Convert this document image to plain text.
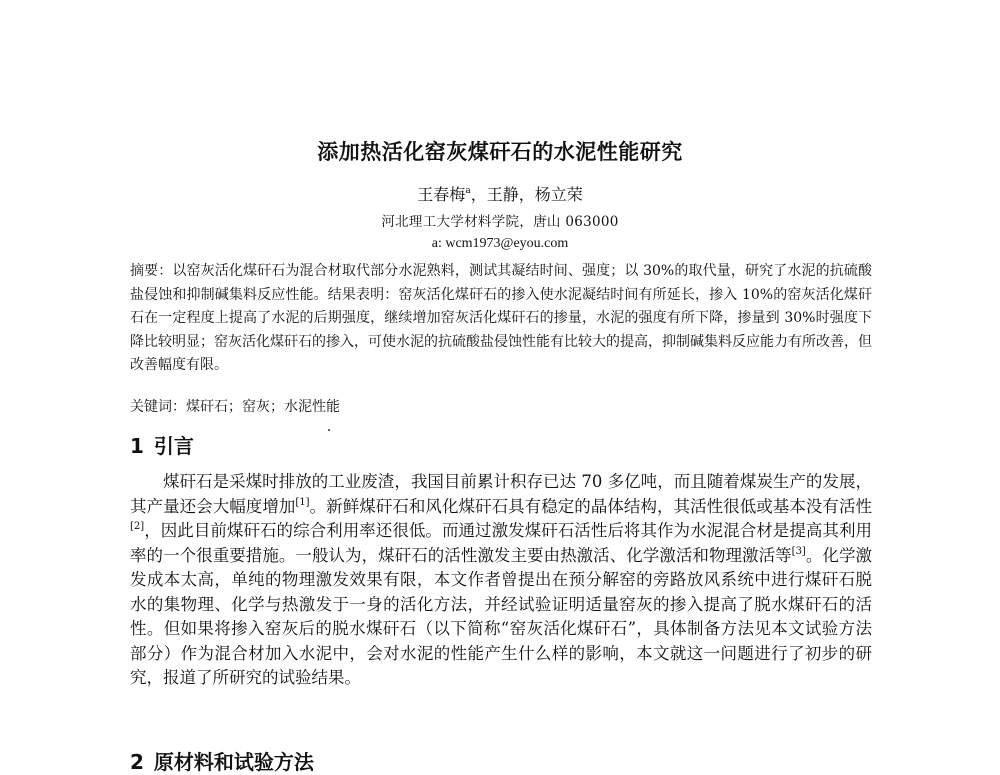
添加热活化窑灰煤矸石的水泥性能研究
王春梅$^a$，王静，杨立荣
河北理工大学材料学院，唐山 063000
a: wcm1973@eyou.com

摘要：以窑灰活化煤矸石为混合材取代部分水泥熟料，测试其凝结时间、强度；以 30%的取代量，研究了水泥的抗硫酸盐侵蚀和抑制碱集料反应性能。结果表明：窑灰活化煤矸石的掺入使水泥凝结时间有所延长，掺入 10%的窑灰活化煤矸石在一定程度上提高了水泥的后期强度，继续增加窑灰活化煤矸石的掺量，水泥的强度有所下降，掺量到 30%时强度下降比较明显；窑灰活化煤矸石的掺入，可使水泥的抗硫酸盐侵蚀性能有比较大的提高，抑制碱集料反应能力有所改善，但改善幅度有限。

关键词：煤矸石；窑灰；水泥性能

1 引言

煤矸石是采煤时排放的工业废渣，我国目前累计积存已达 70 多亿吨，而且随着煤炭生产的发展，其产量还会大幅度增加[1]。新鲜煤矸石和风化煤矸石具有稳定的晶体结构，其活性很低或基本没有活性[2]，因此目前煤矸石的综合利用率还很低。而通过激发煤矸石活性后将其作为水泥混合材是提高其利用率的一个很重要措施。一般认为，煤矸石的活性激发主要由热激活、化学激活和物理激活等[3]。化学激发成本太高，单纯的物理激发效果有限，本文作者曾提出在预分解窑的旁路放风系统中进行煤矸石脱水的集物理、化学与热激发于一身的活化方法，并经试验证明适量窑灰的掺入提高了脱水煤矸石的活性。但如果将掺入窑灰后的脱水煤矸石（以下简称“窑灰活化煤矸石”，具体制备方法见本文试验方法部分）作为混合材加入水泥中，会对水泥的性能产生什么样的影响，本文就这一问题进行了初步的研究，报道了所研究的试验结果。

2 原材料和试验方法
